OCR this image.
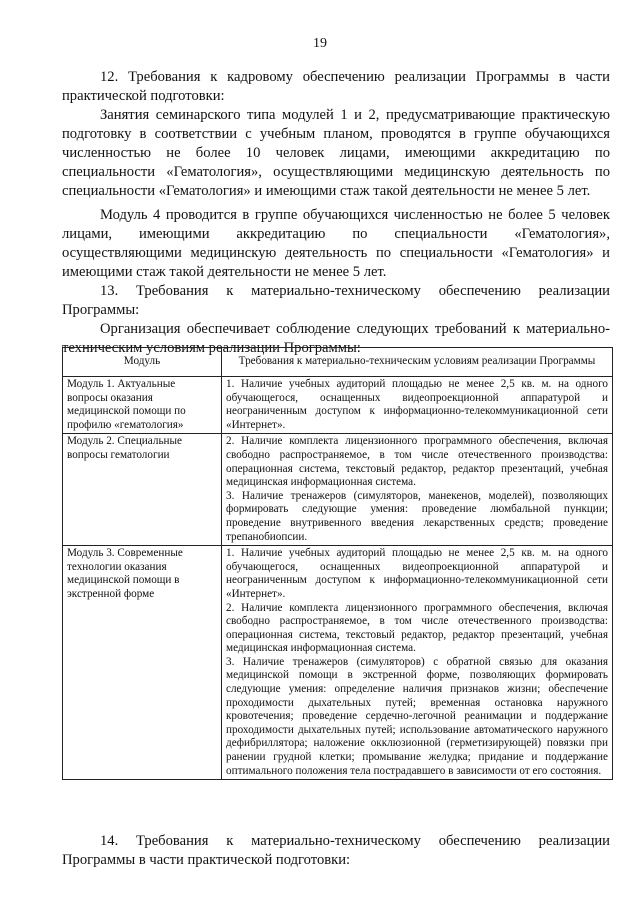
19

12. Требования к кадровому обеспечению реализации Программы в части практической подготовки:

Занятия семинарского типа модулей 1 и 2, предусматривающие практическую подготовку в соответствии с учебным планом, проводятся в группе обучающихся численностью не более 10 человек лицами, имеющими аккредитацию по специальности «Гематология», осуществляющими медицинскую деятельность по специальности «Гематология» и имеющими стаж такой деятельности не менее 5 лет.

Модуль 4 проводится в группе обучающихся численностью не более 5 человек лицами, имеющими аккредитацию по специальности «Гематология», осуществляющими медицинскую деятельность по специальности «Гематология» и имеющими стаж такой деятельности не менее 5 лет.

13. Требования к материально-техническому обеспечению реализации Программы:

Организация обеспечивает соблюдение следующих требований к материально-техническим условиям реализации Программы:

Модуль	Требования к материально-техническим условиям реализации Программы
Модуль 1. Актуальные вопросы оказания медицинской помощи по профилю «гематология»	1. Наличие учебных аудиторий площадью не менее 2,5 кв. м. на одного обучающегося, оснащенных видеопроекционной аппаратурой и неограниченным доступом к информационно-телекоммуникационной сети «Интернет».

Модуль 2. Специальные вопросы гематологии	2. Наличие комплекта лицензионного программного обеспечения, включая свободно распространяемое, в том числе отечественного производства: операционная система, текстовый редактор, редактор презентаций, учебная медицинская информационная система.

3. Наличие тренажеров (симуляторов, манекенов, моделей), позволяющих формировать следующие умения: проведение люмбальной пункции; проведение внутривенного введения лекарственных средств; проведение трепанобиопсии.

Модуль 3. Современные технологии оказания медицинской помощи в экстренной форме	1. Наличие учебных аудиторий площадью не менее 2,5 кв. м. на одного обучающегося, оснащенных видеопроекционной аппаратурой и неограниченным доступом к информационно-телекоммуникационной сети «Интернет».

2. Наличие комплекта лицензионного программного обеспечения, включая свободно распространяемое, в том числе отечественного производства: операционная система, текстовый редактор, редактор презентаций, учебная медицинская информационная система.

3. Наличие тренажеров (симуляторов) с обратной связью для оказания медицинской помощи в экстренной форме, позволяющих формировать следующие умения: определение наличия признаков жизни; обеспечение проходимости дыхательных путей; временная остановка наружного кровотечения; проведение сердечно-легочной реанимации и поддержание проходимости дыхательных путей; использование автоматического наружного дефибриллятора; наложение окклюзионной (герметизирующей) повязки при ранении грудной клетки; промывание желудка; придание и поддержание оптимального положения тела пострадавшего в зависимости от его состояния.

14. Требования к материально-техническому обеспечению реализации Программы в части практической подготовки:
